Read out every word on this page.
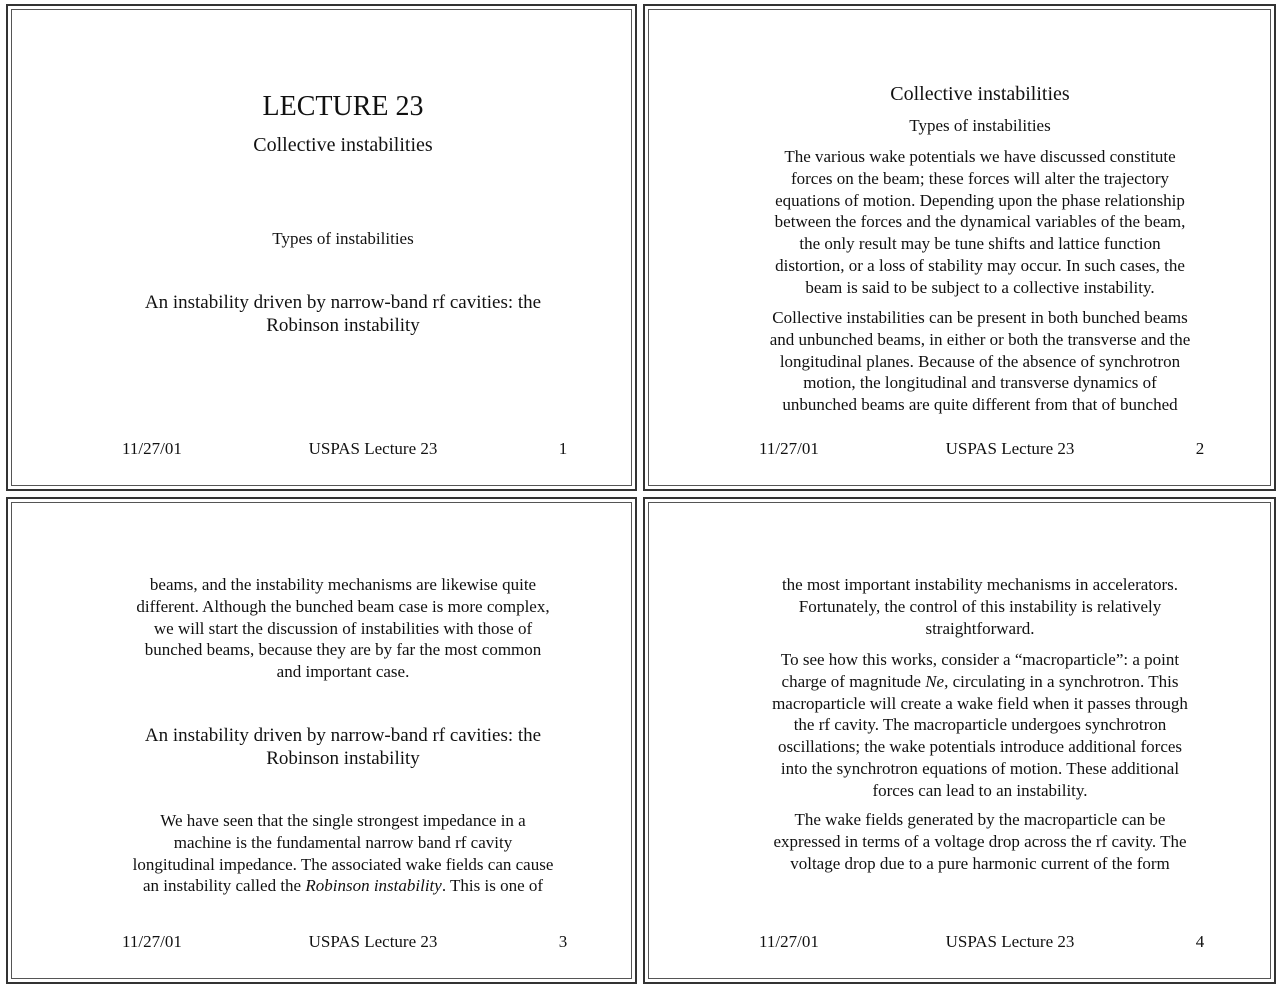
LECTURE 23
Collective instabilities
Types of instabilities
An instability driven by narrow-band rf cavities: the
Robinson instability
11/27/01	USPAS Lecture 23	1
Collective instabilities
Types of instabilities
The various wake potentials we have discussed constitute
forces on the beam; these forces will alter the trajectory
equations of motion. Depending upon the phase relationship
between the forces and the dynamical variables of the beam,
the only result may be tune shifts and lattice function
distortion, or a loss of stability may occur. In such cases, the
beam is said to be subject to a collective instability.
Collective instabilities can be present in both bunched beams
and unbunched beams, in either or both the transverse and the
longitudinal planes. Because of the absence of synchrotron
motion, the longitudinal and transverse dynamics of
unbunched beams are quite different from that of bunched
11/27/01	USPAS Lecture 23	2
beams, and the instability mechanisms are likewise quite
different. Although the bunched beam case is more complex,
we will start the discussion of instabilities with those of
bunched beams, because they are by far the most common
and important case.
An instability driven by narrow-band rf cavities: the
Robinson instability
We have seen that the single strongest impedance in a
machine is the fundamental narrow band rf cavity
longitudinal impedance. The associated wake fields can cause
an instability called the Robinson instability. This is one of
11/27/01	USPAS Lecture 23	3
the most important instability mechanisms in accelerators.
Fortunately, the control of this instability is relatively
straightforward.
To see how this works, consider a “macroparticle”: a point
charge of magnitude Ne, circulating in a synchrotron. This
macroparticle will create a wake field when it passes through
the rf cavity. The macroparticle undergoes synchrotron
oscillations; the wake potentials introduce additional forces
into the synchrotron equations of motion. These additional
forces can lead to an instability.
The wake fields generated by the macroparticle can be
expressed in terms of a voltage drop across the rf cavity. The
voltage drop due to a pure harmonic current of the form
11/27/01	USPAS Lecture 23	4
